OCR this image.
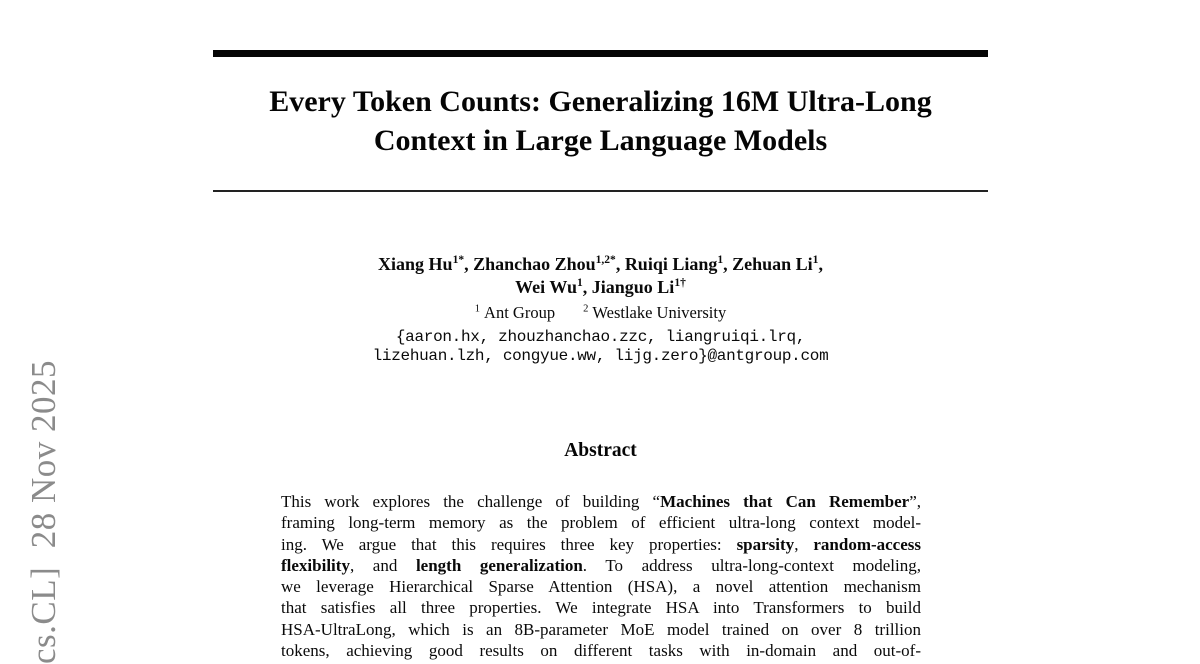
cs.CL]  28 Nov 2025
Every Token Counts: Generalizing 16M Ultra-Long
Context in Large Language Models
Xiang $Hu^{1*}$, Zhanchao Zhou$^{1,2*}$, Ruiqi Liang$^1$, Zehuan Li$^1$,
Wei Wu$^1$, Jianguo $Li^{1\dagger}$
$^1$ Ant Group	$^2$ Westlake University
{aaron.hx, zhouzhanchao.zzc, liangruiqi.lrq,
lizehuan.lzh, congyue.ww, lijg.zero}@antgroup.com
Abstract
This work explores the challenge of building “Machines that Can Remember”,
framing long-term memory as the problem of efficient ultra-long context model-
ing. We argue that this requires three key properties: sparsity, random-access
flexibility, and length generalization. To address ultra-long-context modeling,
we leverage Hierarchical Sparse Attention (HSA), a novel attention mechanism
that satisfies all three properties. We integrate HSA into Transformers to build
HSA-UltraLong, which is an 8B-parameter MoE model trained on over 8 trillion
tokens, achieving good results on different tasks with in-domain and out-of-
